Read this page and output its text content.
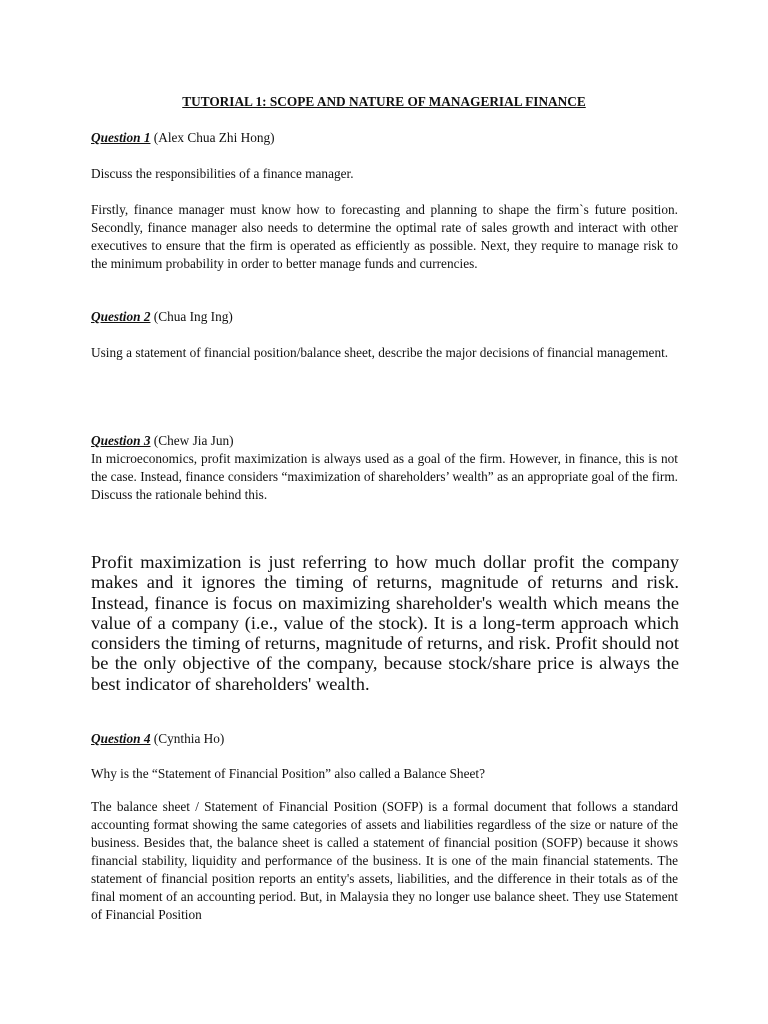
TUTORIAL 1: SCOPE AND NATURE OF MANAGERIAL FINANCE
Question 1 (Alex Chua Zhi Hong)
Discuss the responsibilities of a finance manager.
Firstly, finance manager must know how to forecasting and planning to shape the firm`s future position. Secondly, finance manager also needs to determine the optimal rate of sales growth and interact with other executives to ensure that the firm is operated as efficiently as possible. Next, they require to manage risk to the minimum probability in order to better manage funds and currencies.
Question 2 (Chua Ing Ing)
Using a statement of financial position/balance sheet, describe the major decisions of financial management.
Question 3 (Chew Jia Jun)
In microeconomics, profit maximization is always used as a goal of the firm. However, in finance, this is not the case. Instead, finance considers “maximization of shareholders’ wealth” as an appropriate goal of the firm. Discuss the rationale behind this.
Profit maximization is just referring to how much dollar profit the company makes and it ignores the timing of returns, magnitude of returns and risk. Instead, finance is focus on maximizing shareholder's wealth which means the value of a company (i.e., value of the stock). It is a long-term approach which considers the timing of returns, magnitude of returns, and risk. Profit should not be the only objective of the company, because stock/share price is always the best indicator of shareholders' wealth.
Question 4 (Cynthia Ho)
Why is the “Statement of Financial Position” also called a Balance Sheet?
The balance sheet / Statement of Financial Position (SOFP) is a formal document that follows a standard accounting format showing the same categories of assets and liabilities regardless of the size or nature of the business. Besides that, the balance sheet is called a statement of financial position (SOFP) because it shows financial stability, liquidity and performance of the business. It is one of the main financial statements. The statement of financial position reports an entity's assets, liabilities, and the difference in their totals as of the final moment of an accounting period. But, in Malaysia they no longer use balance sheet. They use Statement of Financial Position
